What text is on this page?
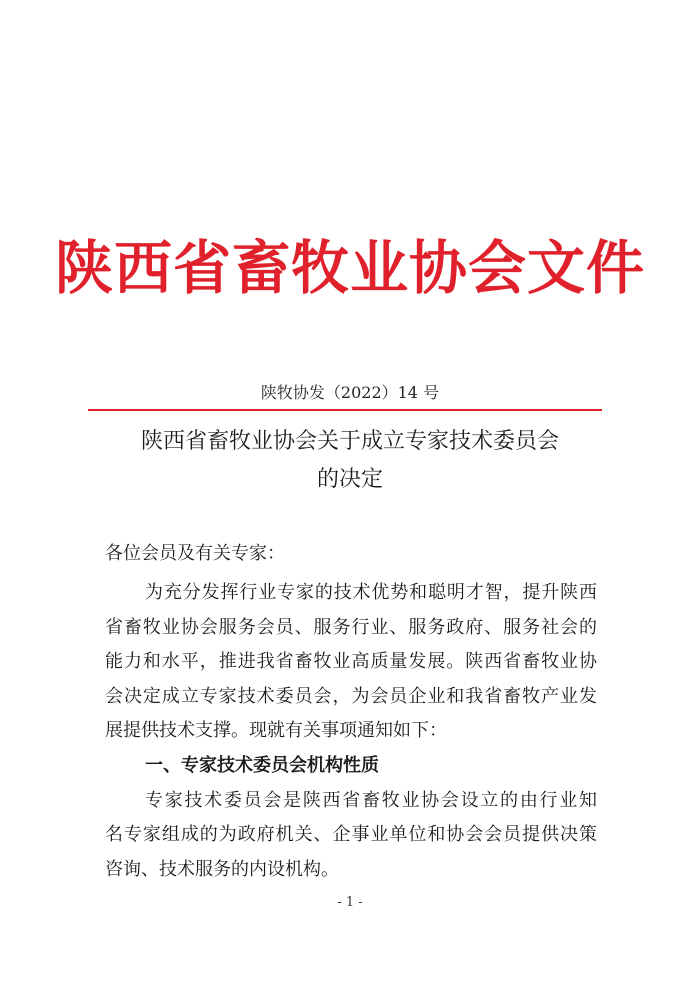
陕西省畜牧业协会文件
陕牧协发（2022）14 号
陕西省畜牧业协会关于成立专家技术委员会
的决定
各位会员及有关专家：
为充分发挥行业专家的技术优势和聪明才智，提升陕西
省畜牧业协会服务会员、服务行业、服务政府、服务社会的
能力和水平，推进我省畜牧业高质量发展。陕西省畜牧业协
会决定成立专家技术委员会，为会员企业和我省畜牧产业发
展提供技术支撑。现就有关事项通知如下：
一、专家技术委员会机构性质
专家技术委员会是陕西省畜牧业协会设立的由行业知
名专家组成的为政府机关、企事业单位和协会会员提供决策
咨询、技术服务的内设机构。
- 1 -
